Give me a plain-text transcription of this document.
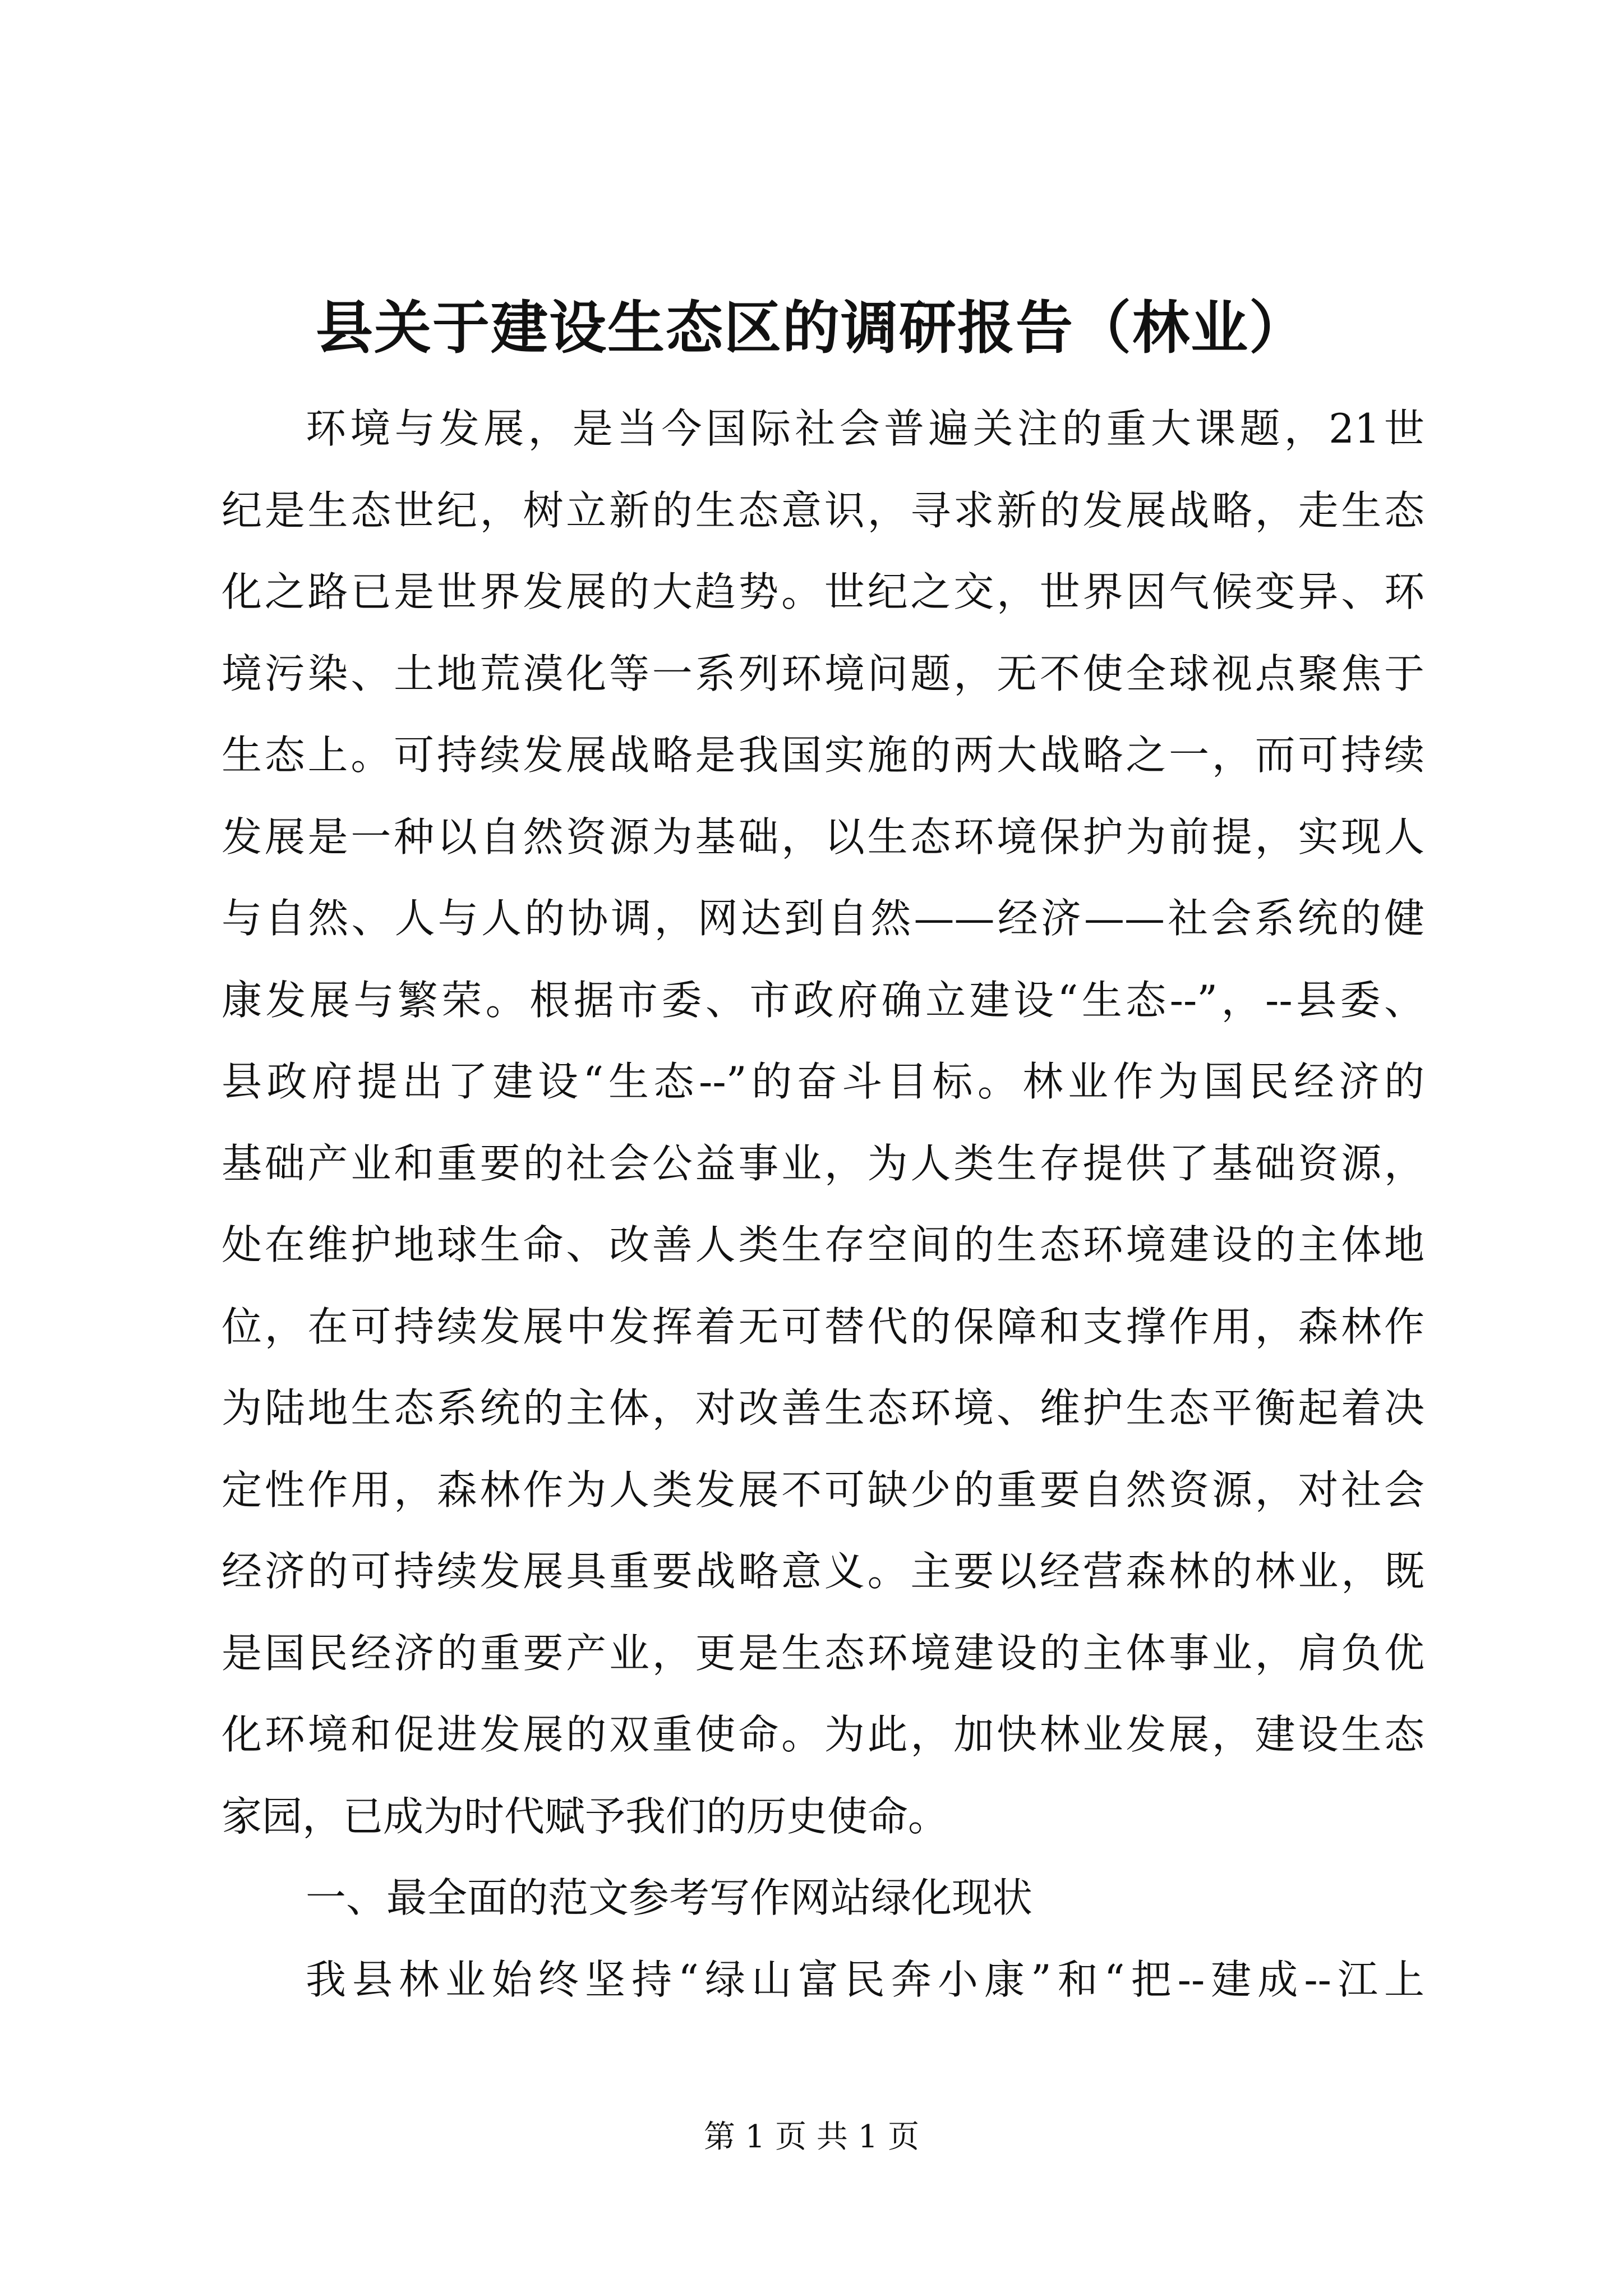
县关于建设生态区的调研报告（林业）
环境与发展，是当今国际社会普遍关注的重大课题，21世
纪是生态世纪，树立新的生态意识，寻求新的发展战略，走生态
化之路已是世界发展的大趋势。世纪之交，世界因气候变异、环
境污染、土地荒漠化等一系列环境问题，无不使全球视点聚焦于
生态上。可持续发展战略是我国实施的两大战略之一，而可持续
发展是一种以自然资源为基础，以生态环境保护为前提，实现人
与自然、人与人的协调，网达到自然——经济——社会系统的健
康发展与繁荣。根据市委、市政府确立建设“生态--”，--县委、
县政府提出了建设“生态--”的奋斗目标。林业作为国民经济的
基础产业和重要的社会公益事业，为人类生存提供了基础资源，
处在维护地球生命、改善人类生存空间的生态环境建设的主体地
位，在可持续发展中发挥着无可替代的保障和支撑作用，森林作
为陆地生态系统的主体，对改善生态环境、维护生态平衡起着决
定性作用，森林作为人类发展不可缺少的重要自然资源，对社会
经济的可持续发展具重要战略意义。主要以经营森林的林业，既
是国民经济的重要产业，更是生态环境建设的主体事业，肩负优
化环境和促进发展的双重使命。为此，加快林业发展，建设生态
家园，已成为时代赋予我们的历史使命。
一、最全面的范文参考写作网站绿化现状
我县林业始终坚持“绿山富民奔小康”和“把--建成--江上
第 1 页 共 1 页
